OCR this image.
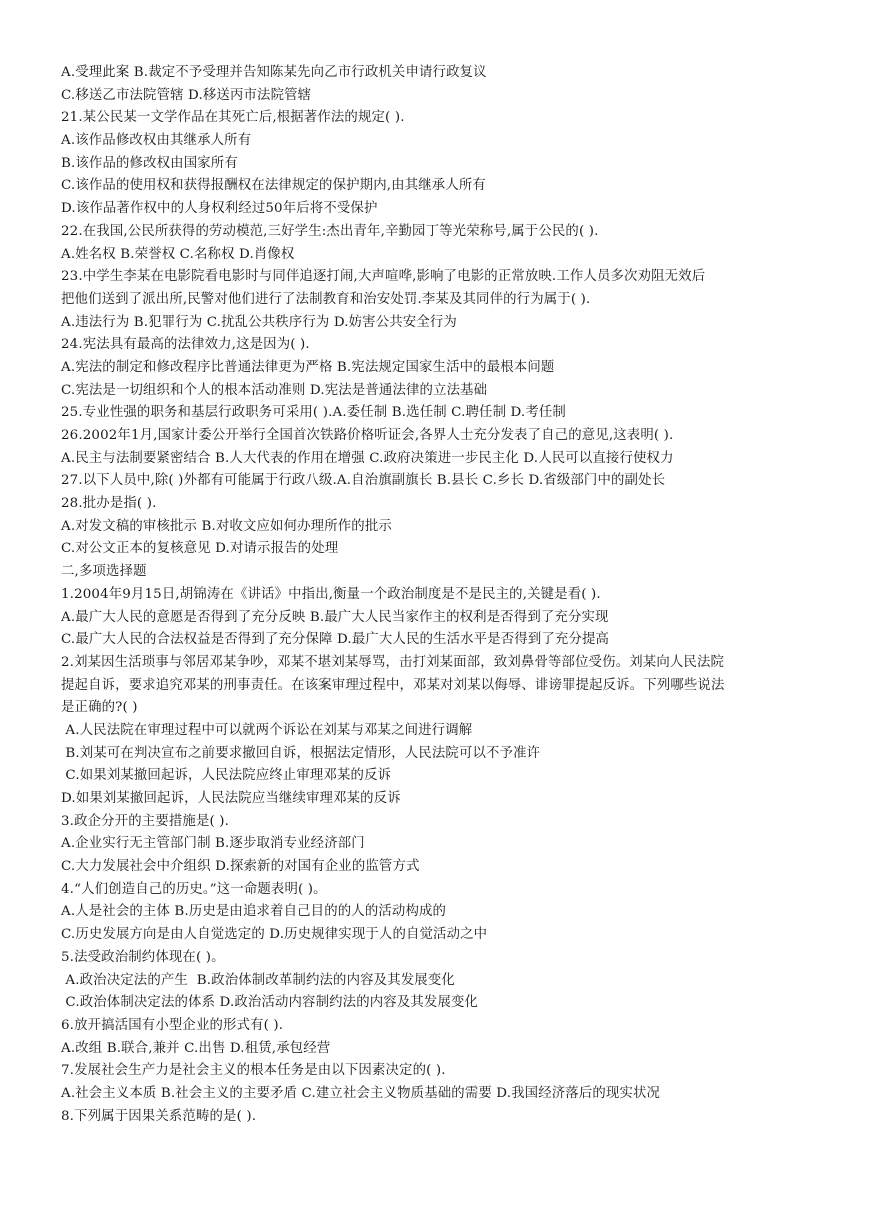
A.受理此案 B.裁定不予受理并告知陈某先向乙市行政机关申请行政复议
C.移送乙市法院管辖 D.移送丙市法院管辖
21.某公民某一文学作品在其死亡后,根据著作法的规定( ).
A.该作品修改权由其继承人所有
B.该作品的修改权由国家所有
C.该作品的使用权和获得报酬权在法律规定的保护期内,由其继承人所有
D.该作品著作权中的人身权利经过50年后将不受保护
22.在我国,公民所获得的劳动模范,三好学生:杰出青年,辛勤园丁等光荣称号,属于公民的( ).
A.姓名权 B.荣誉权 C.名称权 D.肖像权
23.中学生李某在电影院看电影时与同伴追逐打闹,大声喧哗,影响了电影的正常放映.工作人员多次劝阻无效后
把他们送到了派出所,民警对他们进行了法制教育和治安处罚.李某及其同伴的行为属于( ).
A.违法行为 B.犯罪行为 C.扰乱公共秩序行为 D.妨害公共安全行为
24.宪法具有最高的法律效力,这是因为( ).
A.宪法的制定和修改程序比普通法律更为严格 B.宪法规定国家生活中的最根本问题
C.宪法是一切组织和个人的根本活动准则 D.宪法是普通法律的立法基础
25.专业性强的职务和基层行政职务可采用( ).A.委任制 B.选任制 C.聘任制 D.考任制
26.2002年1月,国家计委公开举行全国首次铁路价格听证会,各界人士充分发表了自己的意见,这表明( ).
A.民主与法制要紧密结合 B.人大代表的作用在增强 C.政府决策进一步民主化 D.人民可以直接行使权力
27.以下人员中,除( )外都有可能属于行政八级.A.自治旗副旗长 B.县长 C.乡长 D.省级部门中的副处长
28.批办是指( ).
A.对发文稿的审核批示 B.对收文应如何办理所作的批示
C.对公文正本的复核意见 D.对请示报告的处理
二,多项选择题
1.2004年9月15日,胡锦涛在《讲话》中指出,衡量一个政治制度是不是民主的,关键是看( ).
A.最广大人民的意愿是否得到了充分反映 B.最广大人民当家作主的权利是否得到了充分实现
C.最广大人民的合法权益是否得到了充分保障 D.最广大人民的生活水平是否得到了充分提高
2.刘某因生活琐事与邻居邓某争吵，邓某不堪刘某辱骂，击打刘某面部，致刘鼻骨等部位受伤。刘某向人民法院
提起自诉，要求追究邓某的刑事责任。在该案审理过程中，邓某对刘某以侮辱、诽谤罪提起反诉。下列哪些说法
是正确的?( )
A.人民法院在审理过程中可以就两个诉讼在刘某与邓某之间进行调解
B.刘某可在判决宣布之前要求撤回自诉，根据法定情形，人民法院可以不予准许
C.如果刘某撤回起诉，人民法院应终止审理邓某的反诉
D.如果刘某撤回起诉，人民法院应当继续审理邓某的反诉
3.政企分开的主要措施是( ).
A.企业实行无主管部门制 B.逐步取消专业经济部门
C.大力发展社会中介组织 D.探索新的对国有企业的监管方式
4.“人们创造自己的历史。”这一命题表明( )。
A.人是社会的主体 B.历史是由追求着自己目的的人的活动构成的
C.历史发展方向是由人自觉选定的 D.历史规律实现于人的自觉活动之中
5.法受政治制约体现在( )。
A.政治决定法的产生  B.政治体制改革制约法的内容及其发展变化
C.政治体制决定法的体系 D.政治活动内容制约法的内容及其发展变化
6.放开搞活国有小型企业的形式有( ).
A.改组 B.联合,兼并 C.出售 D.租赁,承包经营
7.发展社会生产力是社会主义的根本任务是由以下因素决定的( ).
A.社会主义本质 B.社会主义的主要矛盾 C.建立社会主义物质基础的需要 D.我国经济落后的现实状况
8.下列属于因果关系范畴的是( ).
